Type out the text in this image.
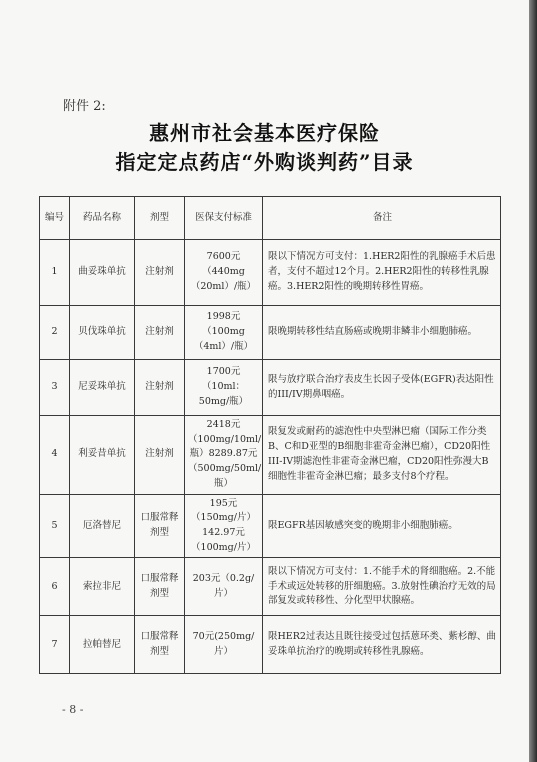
附件 2:
惠州市社会基本医疗保险
指定定点药店“外购谈判药”目录
编号	药品名称	剂型	医保支付标准	备注
1	曲妥珠单抗	注射剂	7600元（440mg（20ml）/瓶）	限以下情况方可支付：1.HER2阳性的乳腺癌手术后患者，支付不超过12个月。2.HER2阳性的转移性乳腺癌。3.HER2阳性的晚期转移性胃癌。
2	贝伐珠单抗	注射剂	1998元（100mg（4ml）/瓶）	限晚期转移性结直肠癌或晚期非鳞非小细胞肺癌。
3	尼妥珠单抗	注射剂	1700元（10ml：50mg/瓶）	限与放疗联合治疗表皮生长因子受体(EGFR)表达阳性的III/IV期鼻咽癌。
4	利妥昔单抗	注射剂	2418元（100mg/10ml/瓶）8289.87元（500mg/50ml/瓶）	限复发或耐药的滤泡性中央型淋巴瘤（国际工作分类B、C和D亚型的B细胞非霍奇金淋巴瘤），CD20阳性III-IV期滤泡性非霍奇金淋巴瘤，CD20阳性弥漫大B细胞性非霍奇金淋巴瘤；最多支付8个疗程。
5	厄洛替尼	口服常释剂型	195元（150mg/片）142.97元（100mg/片）	限EGFR基因敏感突变的晚期非小细胞肺癌。
6	索拉非尼	口服常释剂型	203元（0.2g/片）	限以下情况方可支付：1.不能手术的肾细胞癌。2.不能手术或远处转移的肝细胞癌。3.放射性碘治疗无效的局部复发或转移性、分化型甲状腺癌。
7	拉帕替尼	口服常释剂型	70元(250mg/片）	限HER2过表达且既往接受过包括蒽环类、紫杉醇、曲妥珠单抗治疗的晚期或转移性乳腺癌。
- 8 -
